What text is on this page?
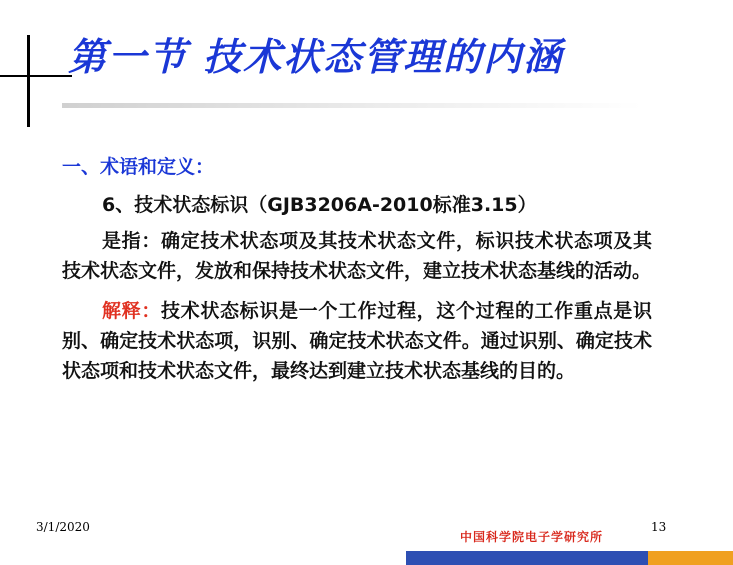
第一节 技术状态管理的内涵

一、术语和定义：

6、技术状态标识（GJB3206A-2010标准3.15）

是指：确定技术状态项及其技术状态文件，标识技术状态项及其技术状态文件，发放和保持技术状态文件，建立技术状态基线的活动。

解释：技术状态标识是一个工作过程，这个过程的工作重点是识别、确定技术状态项，识别、确定技术状态文件。通过识别、确定技术状态项和技术状态文件，最终达到建立技术状态基线的目的。

3/1/2020
中国科学院电子学研究所
13
